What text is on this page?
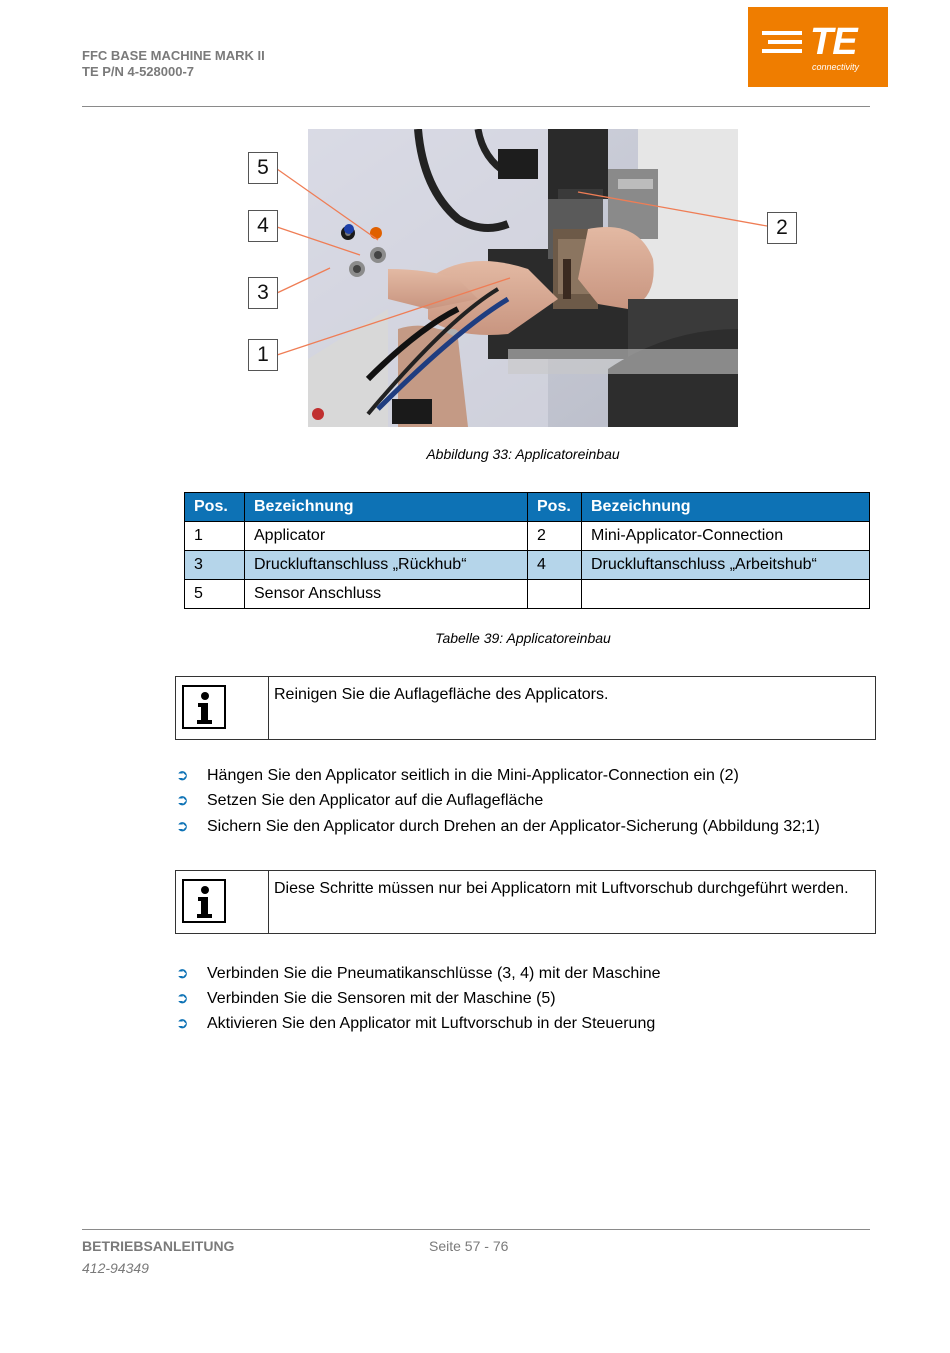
FFC BASE MACHINE MARK II
TE P/N 4-528000-7
TE
connectivity
5
4
3
1
2
Abbildung 33: Applicatoreinbau
Pos.	Bezeichnung	Pos.	Bezeichnung
1	Applicator	2	Mini-Applicator-Connection
3	Druckluftanschluss „Rückhub“	4	Druckluftanschluss „Arbeitshub“
5	Sensor Anschluss		
Tabelle 39: Applicatoreinbau
Reinigen Sie die Auflagefläche des Applicators.
➲ Hängen Sie den Applicator seitlich in die Mini-Applicator-Connection ein (2)
➲ Setzen Sie den Applicator auf die Auflagefläche
➲ Sichern Sie den Applicator durch Drehen an der Applicator-Sicherung (Abbildung 32;1)
Diese Schritte müssen nur bei Applicatorn mit Luftvorschub durchgeführt werden.
➲ Verbinden Sie die Pneumatikanschlüsse (3, 4) mit der Maschine
➲ Verbinden Sie die Sensoren mit der Maschine (5)
➲ Aktivieren Sie den Applicator mit Luftvorschub in der Steuerung
BETRIEBSANLEITUNG
412-94349
Seite 57 - 76
